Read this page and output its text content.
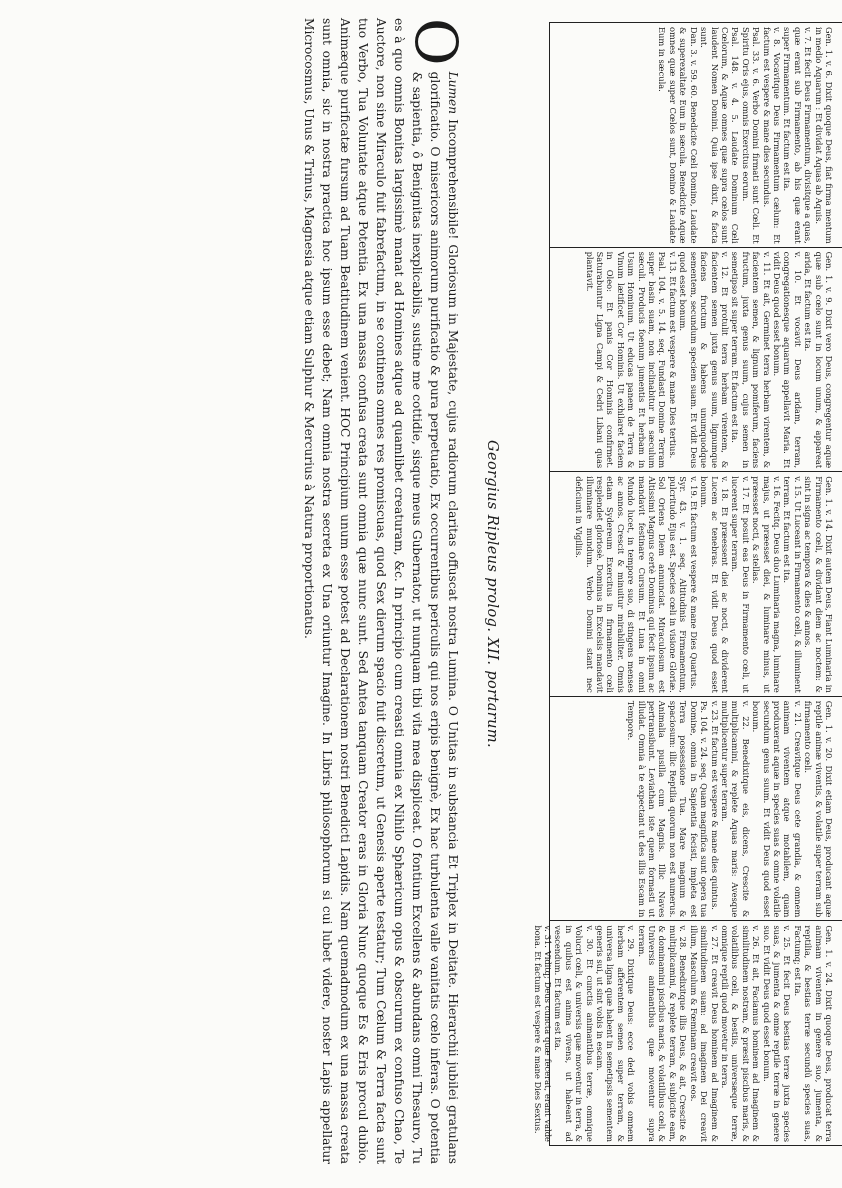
Gen. 1. v. 6. Dixit quoque Deus, fiat firma mentum in medio Aquarum : Et dividat Aquas ab Aquis.

v. 7. Et fecit Deus Firmamentum, divisitque a quas, quæ erant sub Firmamento, ab his quæ erant super Firmamentum. Et factum est ita.

v. 8. Vocavitque Deus Firmamentum cælum: Et factum est vespere & mane dies secundus.

Psal. 33. v. 6. Verbo Domini firmati sunt Cœli. Et Spiritu Oris ejus, omnis Exercitus eorum.

Psal. 148. v. 4. 5. Laudate Dominum Cœli Cœlorum, & Aquæ omnes quæ supra cœlos sunt laudent Nomen Domini. Quia ipse dixit, & facta sunt.

Dan. 3. v. 59. 60. Benedicite Cœli Domino, Laudate & superexaltate Eum in sæcula. Benedicite Aquæ omnes quæ super Cœlos sunt, Domino & Laudate Eum in sæcula.

Gen. 1. v. 9. Dixit vero Deus, congregentur aquæ quæ sub cœlo sunt in locum unum, & appareat arida, Et factum est ita.

v. 10. Et vocavit Deus aridam, terram, congregationesque aquarum appellavit Maria. Et vidit Deus quod esset bonum.

v. 11. Et ait, Germinet terra herbam virentem, & facientem semen, & lignum pomiferum, faciens fructum, juxta genus suum, cujus semen in semetipso sit super terram. Et factum est ita.

v. 12. Et protulit terra herbam virentem, & facientem semen juxta genus suum, lignumque faciens fructum & habens unumquodque sementem, secundum speciem suam. Et vidit Deus quod esset bonum.

v. 13. Et factum est vespere & mane Dies tertius.

Psal. 104. v. 5. 14. seq. Fundasti Domine Terram super basin suam, non inclinabitur in sæculum sæculi. Producis foenum jumentis Et herbam in Usum Hominum. Ut educas panem de Terra & Vinum lætificet Cor Hominis. Ut exhilaret faciem in Oleo: Et panis Cor Hominis confirmet. Saturabuntur Ligna Campi & Cedri Libani quas plantavit.

Gen. 1. v. 14. Dixit autem Deus, Fiant Luminaria in Firmamento cœli, & dividant diem ac noctem: & sint in signa ac tempora & dies & annos.

v. 15. Ut Luceant in Firmamento cœli, & illuminent terram. Et factum est ita.

v. 16. Fecitq. Deus duo Luminaria magna, luminare majus, ut præesset diei, & luminare minus, ut præesset nocti, & stellas.

v. 17. Et posuit eas Deus in Firmamento cœli, ut lucerent super terram.

v. 18. Et præessent diei ac nocti, & dividerent Lucem ac tenebras. Et vidit Deus quod esset bonum.

v. 19. Et factum est vespere & mane Dies Quartus.

Syr. 43. v. 1. seq. Altitudinis Firmamentum, pulcritudo Ejus est. Species cœli in visione Gloriæ. Sol Oriens Diem annunciat. Miraculosum est Altissimi Magnus certè Dominus qui fecit ipsum ac mandavit festinare Cursum. Et Luna in omni Mundo lucet, in tempore suo, di stingens menses ac annos. Crescit & minuitur mirabiliter. Omnis etiam Sydereum Exercitus in firmamento cœli resplendet gloriosè. Dominus in Excelsis mandavit illuminare mundum. Verbo Domini stant nec deficiunt in Vigiliis.

Gen. 1. v. 20. Dixit etiam Deus, producant aquæ reptile animæ viventis, & volatile super terram sub firmamento cœli.

v. 21. Creavitque Deus cete grandia, & omnem animam viventem atque motabilem, quam produxerant aquæ in species suas & omne volatile secundum genus suum. Et vidit Deus quod esset bonum.

v. 22. Benedixitque eis, dicens, Crescite & multiplicamini, & replete Aquas maris: Avesque multiplicentur super terram.

v. 23. Et factum est vespere & mane dies quintus.

Ps. 104. v. 24. seq. Quam magnifica sunt opera tua Domine, omnia in Sapientia fecisti, impleta est Terra possessione Tua. Mare magnum & spaciosum: illic Reptilia quorum non est numerus. Animalia pusilla cum Magnis. Illic Naves pertransibunt. Leviathan iste quem formasti ut illudat. Omnia à te expectant ut des illis Escam in Tempore.

Gen. 1. v. 24. Dixit quoque Deus, producat terra animam viventem in genere suo, jumenta, & reptilia, & bestias terræ secundû species suas, Factumq; est ita.

v. 25. Et fecit Deus bestias terræ juxta species suas, & jumenta & omne reptile terræ in genere suo. Et vidit Deus quod esset bonum.

v. 26. Et ait, Faciamus hominem ad Imaginem & similitudinem nostram, & præsit piscibus maris, & volatilibus cœli, & bestiis, universæque terræ, omnique reptili quod movetur in terra.

v. 27. Et creavit Deus hominem ad Imaginem & similitudinem suam: ad imaginem Dei creavit illum, Masculum & Fœminam creavit eos.

v. 28. Benedixitque illis Deus, & ait, Crescite & multiplicamini, & replete terram, & subjicite eam, & dominamini piscibus maris, & volatilibus cœli, & Universis animantibus quæ moventur supra terram.

v. 29. Dixitque Deus: ecce dedi vobis omnem herbam afferentem semen super terram, & universa ligna quæ habent in semetipsis sementem generis sui, ut sint vobis in escam.

v. 30. Et cunctis animantibus terræ, omnique Volucri cœli, & universis quæ moventur in terra, & in quibus est anima vivens, ut habeant ad vescendum. Et factum est ita.

v. 31. Viditq; Deus cuncta quæ fecerat, erant valde bona. Et factum est vespere & mane Dies Sextus.

Georgius Ripleus prolog. XII. portarum.
O
Lumen Incomprehensibile! Gloriosum in Majestate, cujus radiorum claritas offuscat nostra Lumina. O Unitas in substancia Et Triplex in Deitate. Hierarchii jubilei gratulans glorificatio. O misericors animorum purificatio & pura perpetuatio, Ex occurrentibus periculis qui nos eripis benignè, Ex hac turbulenta valle vanitatis cœlo inferas. O potentia & sapientia, ô Benignitas inexplicabilis, sustine me cottidie, sisque meus Gubernator, ut nunquam tibi vita mea displiceat. O fontium Excellens & abundans omni Thesauro, Tu es à quo omnis Bonitas largissimè manat ad Homines atque ad quamlibet creaturam, &c. In principio cum creasti omnia ex Nihilo Sphæricum opus & obscurum ex confuso Chao, Te Auctore, non sine Miraculo fuit fabrefactum, in se continens omnes res promiscuas, quod Sex dierum spacio fuit discretum, ut Genesis aperte testatur; Tum Cœlum & Terra facta sunt tuo Verbo, Tua Voluntate atque Potentia. Ex una massa confusa creata sunt omnia quæ nunc sunt. Sed Antea tanquam Creator eras in Gloria Nunc quoque Es & Eris procul dubio. Animæque purificatæ fursum ad Tuam Beatitudinem venient. HOC Principium unum esse potest ad Declarationem nostri Benedicti Lapidis. Nam quemadmodum ex una massa creata sunt omnia, sic in nostra practica hoc ipsum esse debet; Nam omnia nostra secreta ex Una oriuntur Imagine. In Libris philosophorum si cui lubet videre, noster Lapis appellatur Microcosmus, Unus & Trinus, Magnesia atque etiam Sulphur & Mercurius à Natura proportionatus.
